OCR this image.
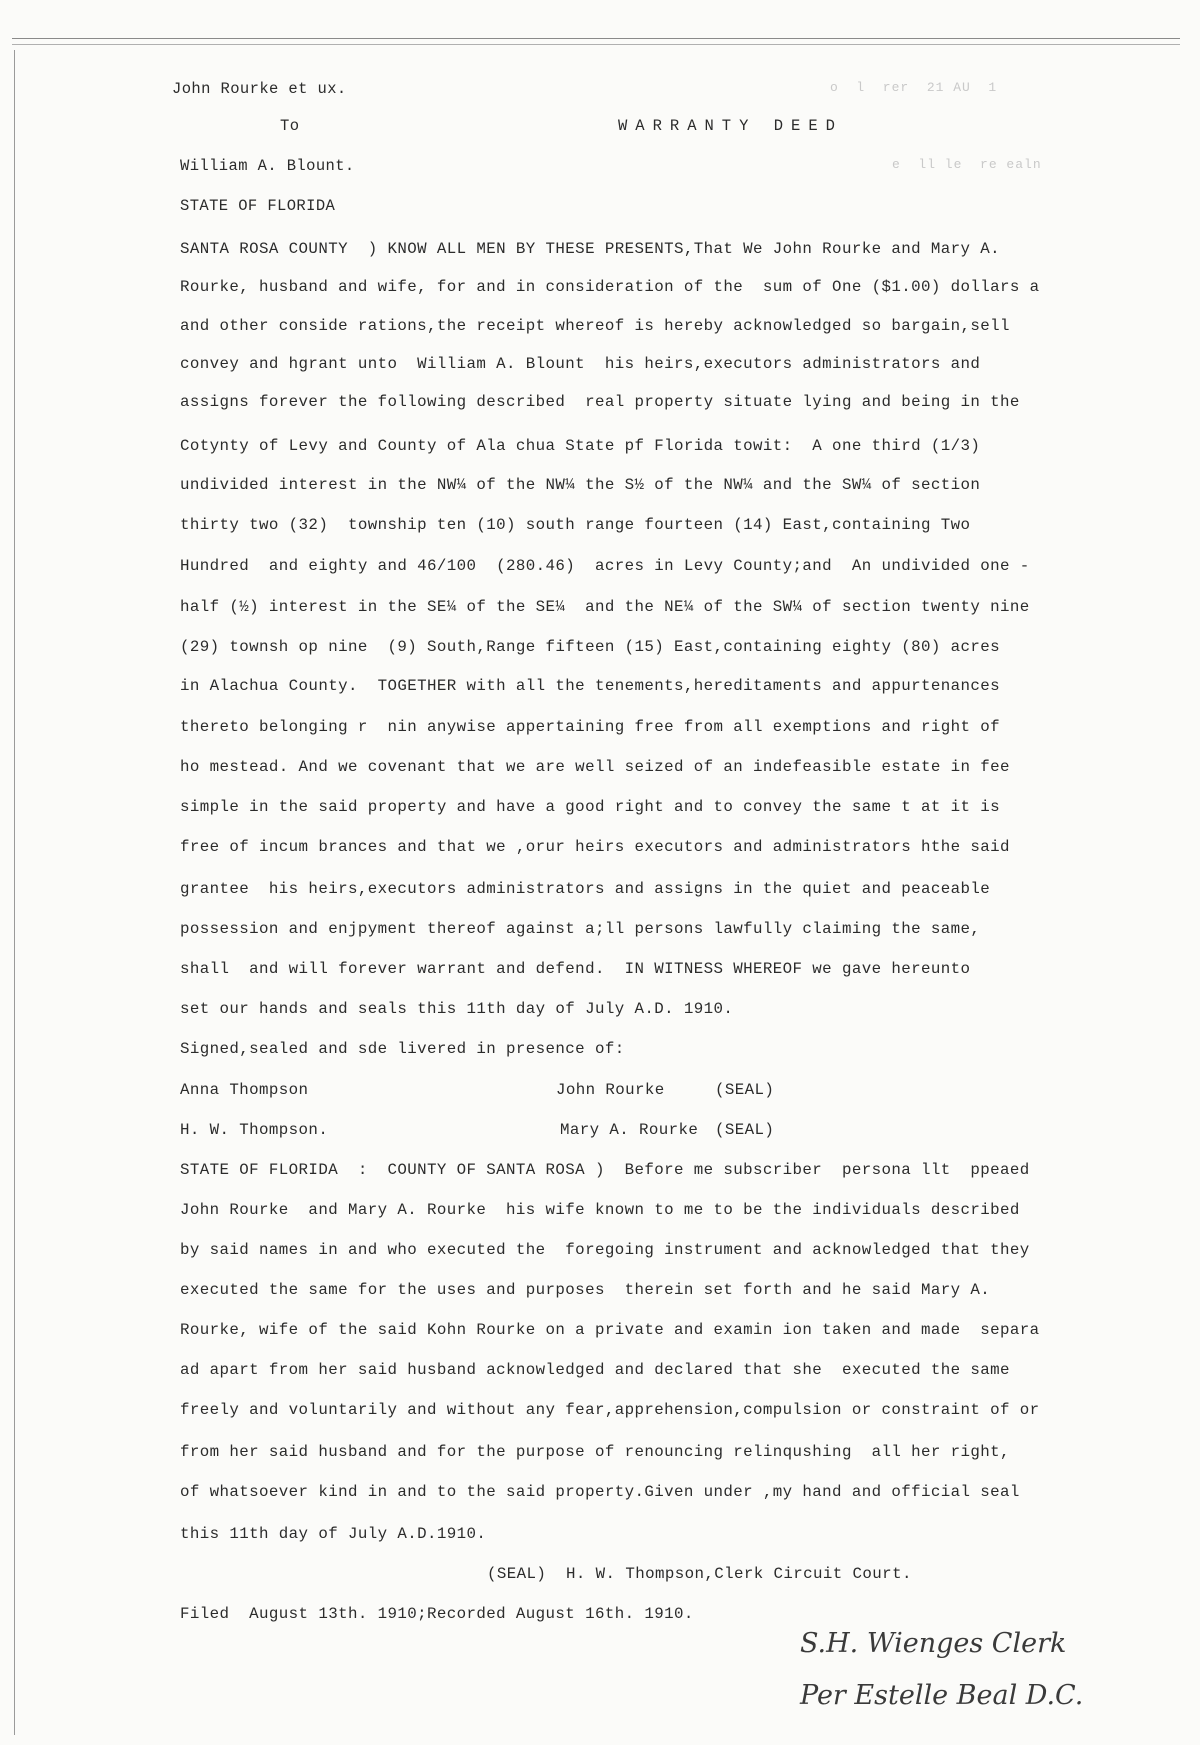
John Rourke et ux.	o  l  rer  21 AU  1
To	WARRANTY DEED
William A. Blount.	e  ll le  re ealn
STATE OF FLORIDA
SANTA ROSA COUNTY  ) KNOW ALL MEN BY THESE PRESENTS,That We John Rourke and Mary A.
Rourke, husband and wife, for and in consideration of the  sum of One ($1.00) dollars a
and other conside rations,the receipt whereof is hereby acknowledged so bargain,sell
convey and hgrant unto  William A. Blount  his heirs,executors administrators and
assigns forever the following described  real property situate lying and being in the
Cotynty of Levy and County of Ala chua State pf Florida towit:  A one third (1/3)
undivided interest in the NW¼ of the NW¼ the S½ of the NW¼ and the SW¼ of section
thirty two (32)  township ten (10) south range fourteen (14) East,containing Two
Hundred  and eighty and 46/100  (280.46)  acres in Levy County;and  An undivided one -
half (½) interest in the SE¼ of the SE¼  and the NE¼ of the SW¼ of section twenty nine
(29) townsh op nine  (9) South,Range fifteen (15) East,containing eighty (80) acres
in Alachua County.  TOGETHER with all the tenements,hereditaments and appurtenances
thereto belonging r  nin anywise appertaining free from all exemptions and right of
ho mestead. And we covenant that we are well seized of an indefeasible estate in fee
simple in the said property and have a good right and to convey the same t at it is
free of incum brances and that we ,orur heirs executors and administrators hthe said
grantee  his heirs,executors administrators and assigns in the quiet and peaceable
possession and enjpyment thereof against a;ll persons lawfully claiming the same,
shall  and will forever warrant and defend.  IN WITNESS WHEREOF we gave hereunto
set our hands and seals this 11th day of July A.D. 1910.
Signed,sealed and sde livered in presence of:
Anna Thompson	John Rourke	(SEAL)
H. W. Thompson.	Mary A. Rourke (SEAL)
STATE OF FLORIDA  :  COUNTY OF SANTA ROSA )  Before me subscriber  persona llt  ppeaed
John Rourke  and Mary A. Rourke  his wife known to me to be the individuals described
by said names in and who executed the  foregoing instrument and acknowledged that they
executed the same for the uses and purposes  therein set forth and he said Mary A.
Rourke, wife of the said Kohn Rourke on a private and examin ion taken and made  separa
ad apart from her said husband acknowledged and declared that she  executed the same
freely and voluntarily and without any fear,apprehension,compulsion or constraint of or
from her said husband and for the purpose of renouncing relinqushing  all her right,
of whatsoever kind in and to the said property.Given under ,my hand and official seal
this 11th day of July A.D.1910.
(SEAL)  H. W. Thompson,Clerk Circuit Court.
Filed  August 13th. 1910;Recorded August 16th. 1910.
S.H. Wienges Clerk
Per Estelle Beal D.C.
